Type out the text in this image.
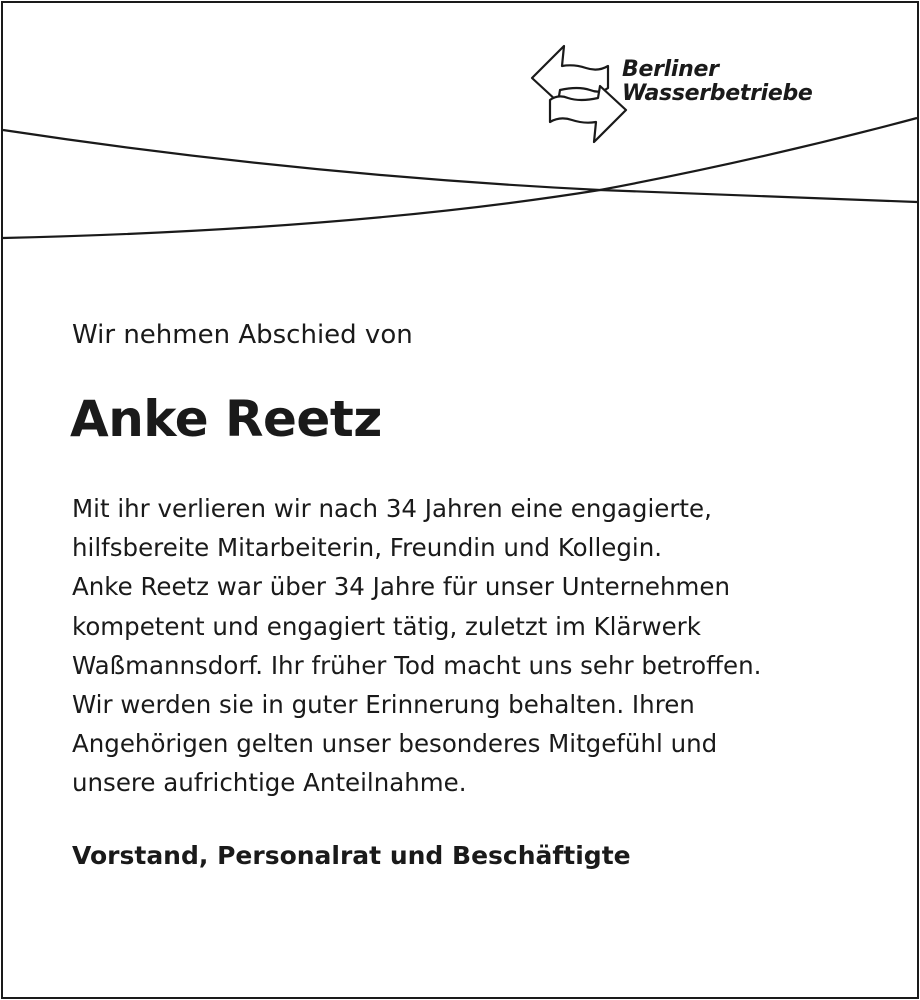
Berliner
Wasserbetriebe
Wir nehmen Abschied von
Anke Reetz
Mit ihr verlieren wir nach 34 Jahren eine engagierte,
hilfsbereite Mitarbeiterin, Freundin und Kollegin.
Anke Reetz war über 34 Jahre für unser Unternehmen
kompetent und engagiert tätig, zuletzt im Klärwerk
Waßmannsdorf. Ihr früher Tod macht uns sehr betroffen.
Wir werden sie in guter Erinnerung behalten. Ihren
Angehörigen gelten unser besonderes Mitgefühl und
unsere aufrichtige Anteilnahme.
Vorstand, Personalrat und Beschäftigte
